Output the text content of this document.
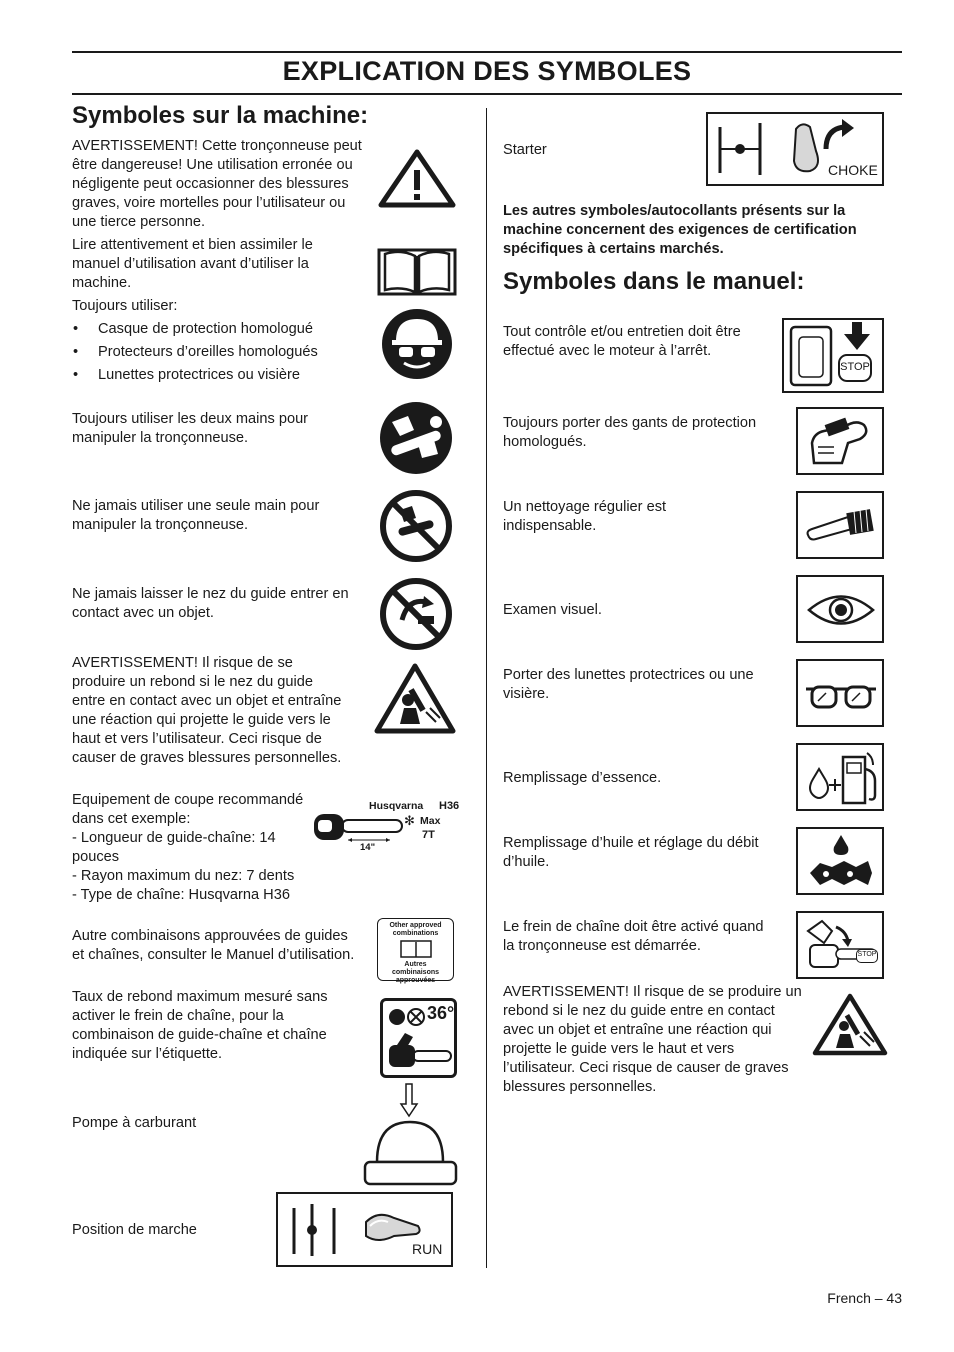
EXPLICATION DES SYMBOLES
Symboles sur la machine:

AVERTISSEMENT! Cette tronçonneuse peut être dangereuse! Une utilisation erronée ou négligente peut occasionner des blessures graves, voire mortelles pour l’utilisateur ou une tierce personne.

Lire attentivement et bien assimiler le manuel d’utilisation avant d’utiliser la machine.

Toujours utiliser:

• Casque de protection homologué

• Protecteurs d’oreilles homologués

• Lunettes protectrices ou visière

Toujours utiliser les deux mains pour manipuler la tronçonneuse.

Ne jamais utiliser une seule main pour manipuler la tronçonneuse.

Ne jamais laisser le nez du guide entrer en contact avec un objet.

AVERTISSEMENT! Il risque de se produire un rebond si le nez du guide entre en contact avec un objet et entraîne une réaction qui projette le guide vers le haut et vers l’utilisateur. Ceci risque de causer de graves blessures personnelles.

Equipement de coupe recommandé dans cet exemple:

- Longueur de guide-chaîne: 14 pouces

- Rayon maximum du nez: 7 dents

- Type de chaîne: Husqvarna H36

Husqvarna H36
✻ Max
7T
14"

Autre combinaisons approuvées de guides et chaînes, consulter le Manuel d’utilisation.

Other approved combinations
Autres combinaisons approuvées

Taux de rebond maximum mesuré sans activer le frein de chaîne, pour la combinaison de guide-chaîne et chaîne indiquée sur l’étiquette.

36°
Pompe à carburant
Position de marche
RUN
Starter
CHOKE

Les autres symboles/autocollants présents sur la machine concernent des exigences de certification spécifiques à certains marchés.

Symboles dans le manuel:

Tout contrôle et/ou entretien doit être effectué avec le moteur à l’arrêt.

STOP

Toujours porter des gants de protection homologués.

Un nettoyage régulier est indispensable.

Examen visuel.

Porter des lunettes protectrices ou une visière.

Remplissage d’essence.

Remplissage d’huile et réglage du débit d’huile.

Le frein de chaîne doit être activé quand la tronçonneuse est démarrée.

STOP

AVERTISSEMENT! Il risque de se produire un rebond si le nez du guide entre en contact avec un objet et entraîne une réaction qui projette le guide vers le haut et vers l’utilisateur. Ceci risque de causer de graves blessures personnelles.

French – 43
